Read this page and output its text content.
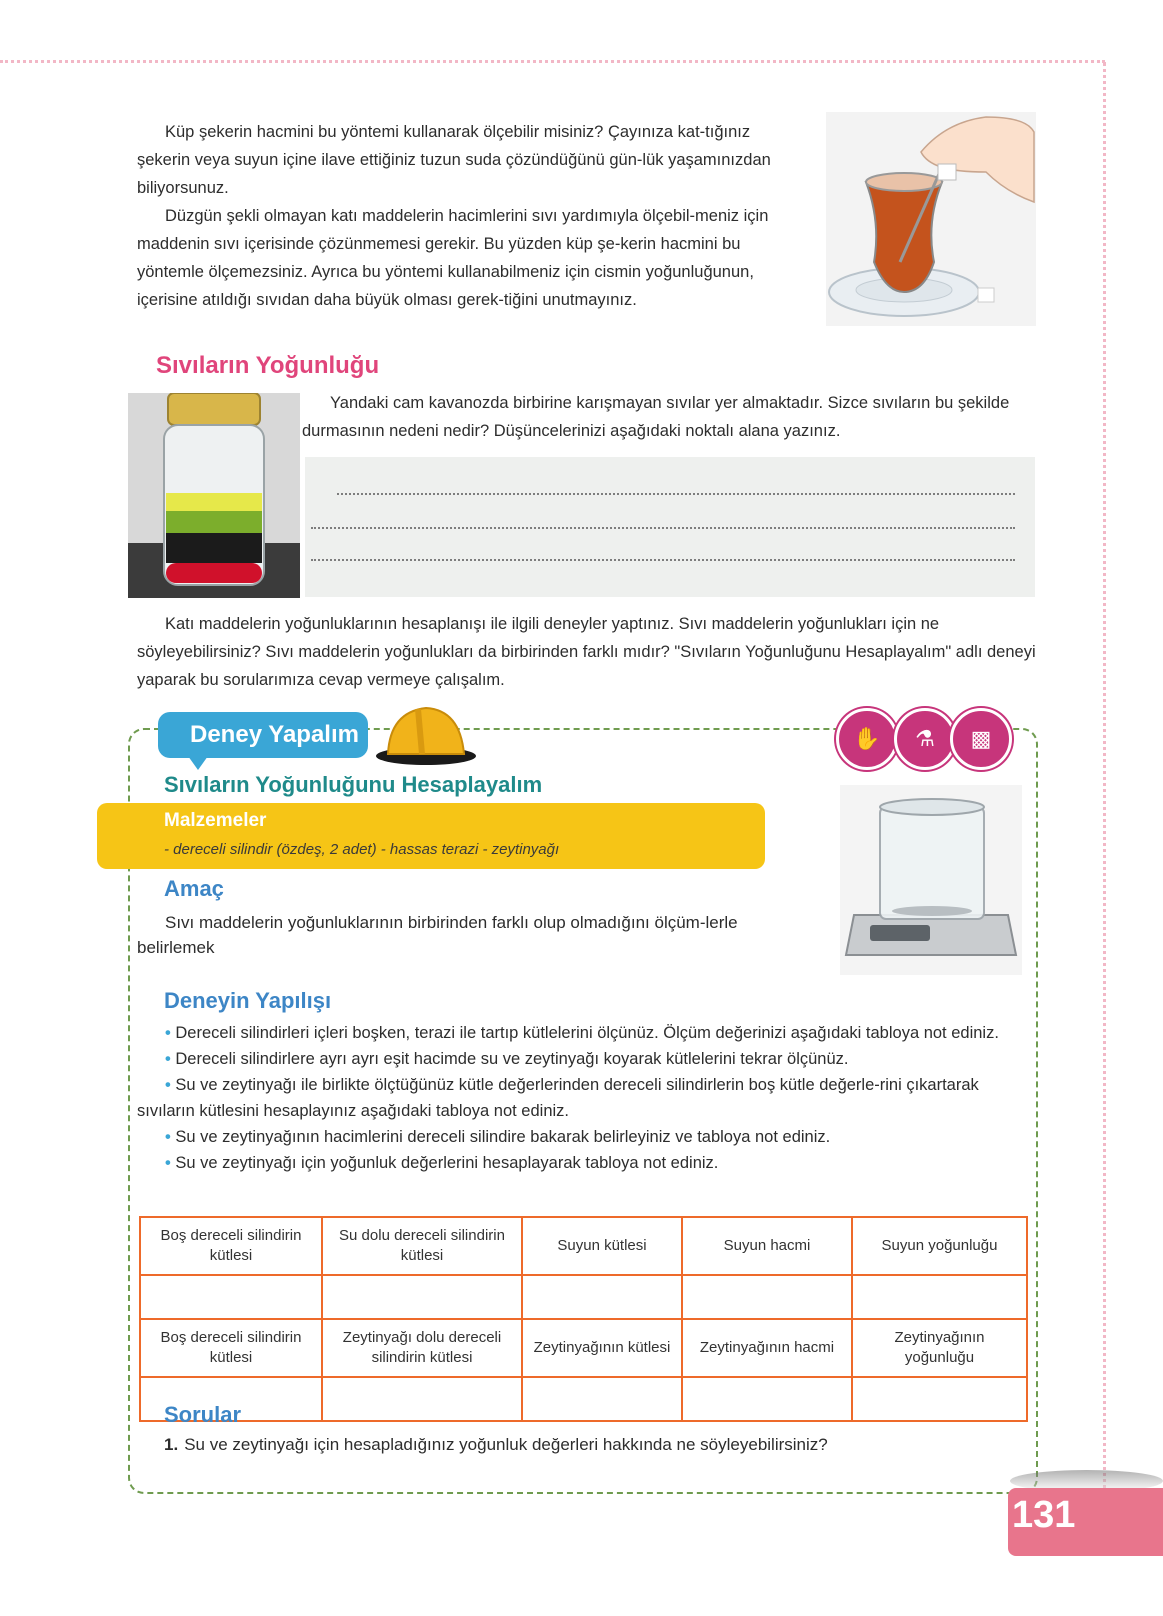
Küp şekerin hacmini bu yöntemi kullanarak ölçebilir misiniz? Çayınıza kat-tığınız şekerin veya suyun içine ilave ettiğiniz tuzun suda çözündüğünü gün-lük yaşamınızdan biliyorsunuz.

Düzgün şekli olmayan katı maddelerin hacimlerini sıvı yardımıyla ölçebil-meniz için maddenin sıvı içerisinde çözünmemesi gerekir. Bu yüzden küp şe-kerin hacmini bu yöntemle ölçemezsiniz. Ayrıca bu yöntemi kullanabilmeniz için cismin yoğunluğunun, içerisine atıldığı sıvıdan daha büyük olması gerek-tiğini unutmayınız.

Sıvıların Yoğunluğu

Yandaki cam kavanozda birbirine karışmayan sıvılar yer almaktadır. Sizce sıvıların bu şekilde durmasının nedeni nedir? Düşüncelerinizi aşağıdaki noktalı alana yazınız.

Katı maddelerin yoğunluklarının hesaplanışı ile ilgili deneyler yaptınız. Sıvı maddelerin yoğunlukları için ne söyleyebilirsiniz? Sıvı maddelerin yoğunlukları da birbirinden farklı mıdır? "Sıvıların Yoğunluğunu Hesaplayalım" adlı deneyi yaparak bu sorularımıza cevap vermeye çalışalım.

Deney Yapalım	✋	⚗	▩
Sıvıların Yoğunluğunu Hesaplayalım
Malzemeler
- dereceli silindir (özdeş, 2 adet) - hassas terazi - zeytinyağı
Amaç
Sıvı maddelerin yoğunluklarının birbirinden farklı olup olmadığını ölçüm-lerle belirlemek
Deneyin Yapılışı

• Dereceli silindirleri içleri boşken, terazi ile tartıp kütlelerini ölçünüz. Ölçüm değerinizi aşağıdaki tabloya not ediniz.

• Dereceli silindirlere ayrı ayrı eşit hacimde su ve zeytinyağı koyarak kütlelerini tekrar ölçünüz.

• Su ve zeytinyağı ile birlikte ölçtüğünüz kütle değerlerinden dereceli silindirlerin boş kütle değerle-rini çıkartarak sıvıların kütlesini hesaplayınız aşağıdaki tabloya not ediniz.

• Su ve zeytinyağının hacimlerini dereceli silindire bakarak belirleyiniz ve tabloya not ediniz.

• Su ve zeytinyağı için yoğunluk değerlerini hesaplayarak tabloya not ediniz.

Boş dereceli silindirin kütlesi	Su dolu dereceli silindirin kütlesi	Suyun kütlesi	Suyun hacmi	Suyun yoğunluğu

Boş dereceli silindirin kütlesi	Zeytinyağı dolu dereceli silindirin kütlesi	Zeytinyağının kütlesi	Zeytinyağının hacmi	Zeytinyağının yoğunluğu

Sorular
1. Su ve zeytinyağı için hesapladığınız yoğunluk değerleri hakkında ne söyleyebilirsiniz?
131
